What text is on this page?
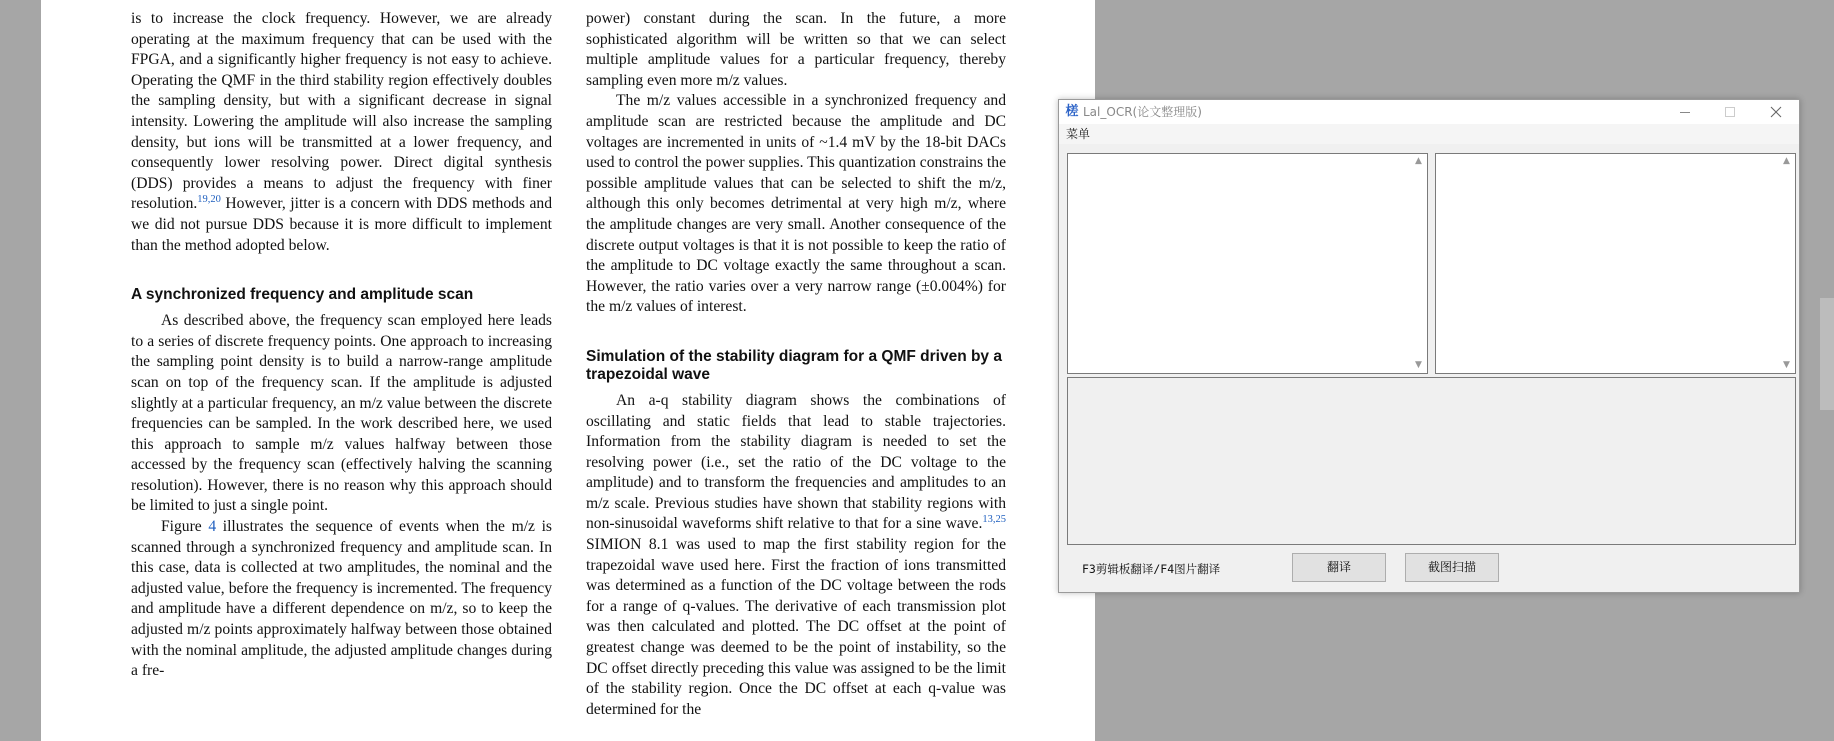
is to increase the clock frequency. However, we are already operating at the maximum frequency that can be used with the FPGA, and a significantly higher frequency is not easy to achieve. Operating the QMF in the third stability region effectively doubles the sampling density, but with a significant decrease in signal intensity. Lowering the amplitude will also increase the sampling density, but ions will be transmitted at a lower frequency, and consequently lower resolving power. Direct digital synthesis (DDS) provides a means to adjust the frequency with finer resolution.$^{19,20}$ However, jitter is a concern with DDS methods and we did not pursue DDS because it is more difficult to implement than the method adopted below.

A synchronized frequency and amplitude scan

As described above, the frequency scan employed here leads to a series of discrete frequency points. One approach to increasing the sampling point density is to build a narrow-range amplitude scan on top of the frequency scan. If the amplitude is adjusted slightly at a particular frequency, an m/z value between the discrete frequencies can be sampled. In the work described here, we used this approach to sample m/z values halfway between those accessed by the frequency scan (effectively halving the scanning resolution). However, there is no reason why this approach should be limited to just a single point.

Figure 4 illustrates the sequence of events when the m/z is scanned through a synchronized frequency and amplitude scan. In this case, data is collected at two amplitudes, the nominal and the adjusted value, before the frequency is incremented. The frequency and amplitude have a different dependence on m/z, so to keep the adjusted m/z points approximately halfway between those obtained with the nominal amplitude, the adjusted amplitude changes during a fre-

power) constant during the scan. In the future, a more sophisticated algorithm will be written so that we can select multiple amplitude values for a particular frequency, thereby sampling even more m/z values.

The m/z values accessible in a synchronized frequency and amplitude scan are restricted because the amplitude and DC voltages are incremented in units of ~1.4 mV by the 18-bit DACs used to control the power supplies. This quantization constrains the possible amplitude values that can be selected to shift the m/z, although this only becomes detrimental at very high m/z, where the amplitude changes are very small. Another consequence of the discrete output voltages is that it is not possible to keep the ratio of the amplitude to DC voltage exactly the same throughout a scan. However, the ratio varies over a very narrow range (±0.004%) for the m/z values of interest.

Simulation of the stability diagram for a QMF driven by a trapezoidal wave

An a-q stability diagram shows the combinations of oscillating and static fields that lead to stable trajectories. Information from the stability diagram is needed to set the resolving power (i.e., set the ratio of the DC voltage to the amplitude) and to transform the frequencies and amplitudes to an m/z scale. Previous studies have shown that stability regions with non-sinusoidal waveforms shift relative to that for a sine wave.$^{13,25}$ SIMION 8.1 was used to map the first stability region for the trapezoidal wave used here. First the fraction of ions transmitted was determined as a function of the DC voltage between the rods for a range of q-values. The derivative of each transmission plot was then calculated and plotted. The DC offset at the point of greatest change was deemed to be the point of instability, so the DC offset directly preceding this value was assigned to be the limit of the stability region. Once the DC offset at each q-value was determined for the

槎 Lal_OCR(论文整理版)
菜单
▲
▼
▲
▼
F3剪辑板翻译/F4图片翻译	翻译	截图扫描
